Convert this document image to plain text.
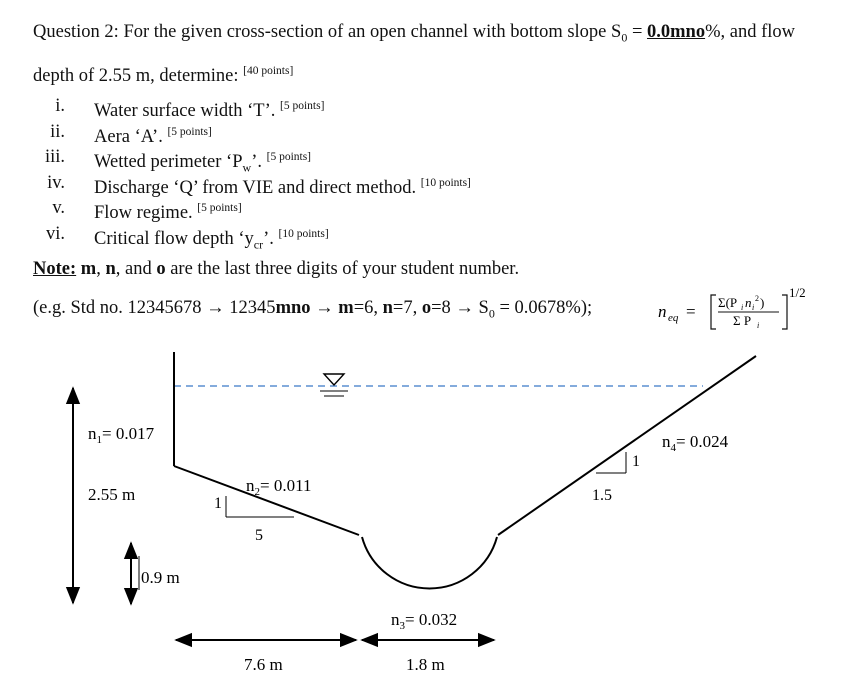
Question 2: For the given cross-section of an open channel with bottom slope $S_0 = 0.0mno\%$, and flow depth of 2.55 m, determine: [40 points]
i. Water surface width ‘T’. [5 points]
ii. Aera ‘A’. [5 points]
iii. Wetted perimeter ‘$P_w$’. [5 points]
iv. Discharge ‘Q’ from VIE and direct method. [10 points]
v. Flow regime. [5 points]
vi. Critical flow depth ‘$y_{cr}$’. [10 points]
Note: m, n, and o are the last three digits of your student number.
(e.g. Std no. 12345678 → 12345mno → m=6, n=7, $o=8 \to S_0 = 0.0678\%$);	n eq = Σ(P i n i
2 )
Σ P i
1/2
1
5
1
1.5
$n_1= 0.017$
$n_2= 0.011$
$n_3= 0.032$
$n_4= 0.024$
2.55 m
0.9 m
7.6 m	1.8 m
